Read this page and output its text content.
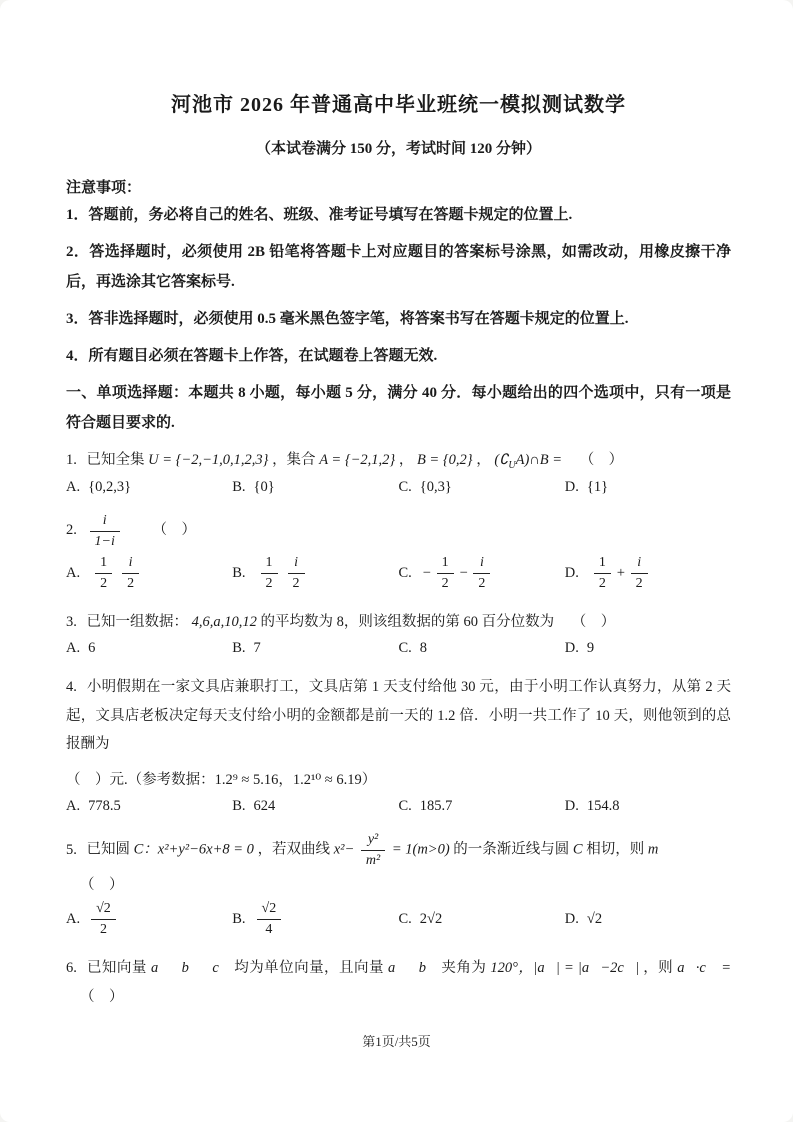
河池市 2026 年普通高中毕业班统一模拟测试数学
（本试卷满分 150 分，考试时间 120 分钟）
注意事项：

1．答题前，务必将自己的姓名、班级、准考证号填写在答题卡规定的位置上.

2．答选择题时，必须使用 2B 铅笔将答题卡上对应题目的答案标号涂黑，如需改动，用橡皮擦干净后，再选涂其它答案标号.

3．答非选择题时，必须使用 0.5 毫米黑色签字笔，将答案书写在答题卡规定的位置上.

4．所有题目必须在答题卡上作答，在试题卷上答题无效.

一、单项选择题：本题共 8 小题，每小题 5 分，满分 40 分．每小题给出的四个选项中，只有一项是符合题目要求的.

1. 已知全集 U = {−2,−1,0,1,2,3} ，集合 A = {−2,1,2} ， B = {0,2} ， $(∁_UA)\cap B$ = （　）

A. {0,2,3}	B. {0}	C. {0,3}	D. {1}

2. $\frac{i}{1-i}$ （　）

A. $\frac{1}{2} \frac{i}{2}$	B. $\frac{1}{2} \frac{i}{2}$	C. − $\frac{1}{2} - \frac{i}{2}$	D. $\frac{1}{2} + \frac{i}{2}$

3. 已知一组数据： 4,6,a,10,12 的平均数为 8，则该组数据的第 60 百分位数为 （　）

A. 6	B. 7	C. 8	D. 9

4. 小明假期在一家文具店兼职打工，文具店第 1 天支付给他 30 元，由于小明工作认真努力，从第 2 天起，文具店老板决定每天支付给小明的金额都是前一天的 1.2 倍．小明一共工作了 10 天，则他领到的总报酬为

（　）元.（参考数据：1.2⁹ ≈ 5.16，1.2¹⁰ ≈ 6.19）

A. 778.5	B. 624	C. 185.7	D. 154.8

5. 已知圆 C：x²+y²−6x+8 = 0 ，若双曲线 $x^2- \frac{\text{y²}}{\text{m²}} = 1(m>0)$ 的一条渐近线与圆 C 相切，则 m

（　）

A. $\frac{√2}{2}$	B. $\frac{√2}{4}$	C. 2√2	D. √2

6. 已知向量 a⃗，b⃗，c⃗ 均为单位向量，且向量 a⃗，b⃗ 夹角为 120°，|a⃗| = |a⃗−2c⃗| ，则 a⃗·c⃗ = （　）

第1页/共5页
